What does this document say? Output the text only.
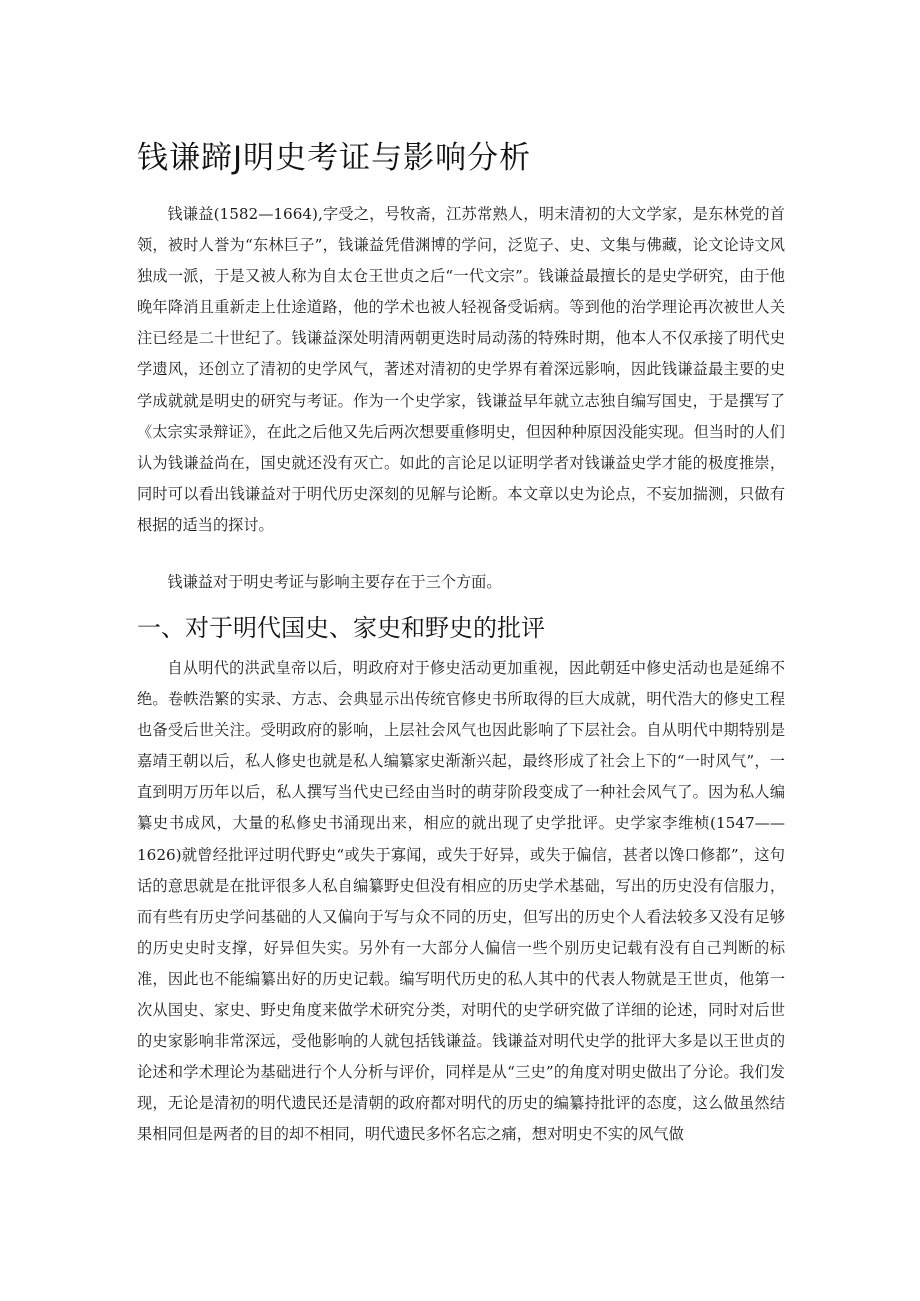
钱谦蹄J明史考证与影响分析

钱谦益(1582—1664),字受之，号牧斋，江苏常熟人，明末清初的大文学家，是东林党的首领，被时人誉为“东林巨子”，钱谦益凭借渊博的学问，泛览子、史、文集与佛藏，论文论诗文风独成一派，于是又被人称为自太仓王世贞之后“一代文宗”。钱谦益最擅长的是史学研究，由于他晚年降消且重新走上仕途道路，他的学术也被人轻视备受诟病。等到他的治学理论再次被世人关注已经是二十世纪了。钱谦益深处明清两朝更迭时局动荡的特殊时期，他本人不仅承接了明代史学遗风，还创立了清初的史学风气，著述对清初的史学界有着深远影响，因此钱谦益最主要的史学成就就是明史的研究与考证。作为一个史学家，钱谦益早年就立志独自编写国史，于是撰写了《太宗实录辩证》，在此之后他又先后两次想要重修明史，但因种种原因没能实现。但当时的人们认为钱谦益尚在，国史就还没有灭亡。如此的言论足以证明学者对钱谦益史学才能的极度推崇，同时可以看出钱谦益对于明代历史深刻的见解与论断。本文章以史为论点，不妄加揣测，只做有根据的适当的探讨。

钱谦益对于明史考证与影响主要存在于三个方面。

一、对于明代国史、家史和野史的批评

自从明代的洪武皇帝以后，明政府对于修史活动更加重视，因此朝廷中修史活动也是延绵不绝。卷帙浩繁的实录、方志、会典显示出传统官修史书所取得的巨大成就，明代浩大的修史工程也备受后世关注。受明政府的影响，上层社会风气也因此影响了下层社会。自从明代中期特别是嘉靖王朝以后，私人修史也就是私人编纂家史渐渐兴起，最终形成了社会上下的“一时风气”，一直到明万历年以后，私人撰写当代史已经由当时的萌芽阶段变成了一种社会风气了。因为私人编纂史书成风，大量的私修史书涌现出来，相应的就出现了史学批评。史学家李维桢(1547——1626)就曾经批评过明代野史“或失于寡闻，或失于好异，或失于偏信，甚者以馋口修都”，这句话的意思就是在批评很多人私自编纂野史但没有相应的历史学术基础，写出的历史没有信服力，而有些有历史学问基础的人又偏向于写与众不同的历史，但写出的历史个人看法较多又没有足够的历史史时支撑，好异但失实。另外有一大部分人偏信一些个别历史记载有没有自己判断的标准，因此也不能编纂出好的历史记载。编写明代历史的私人其中的代表人物就是王世贞，他第一次从国史、家史、野史角度来做学术研究分类，对明代的史学研究做了详细的论述，同时对后世的史家影响非常深远，受他影响的人就包括钱谦益。钱谦益对明代史学的批评大多是以王世贞的论述和学术理论为基础进行个人分析与评价，同样是从“三史”的角度对明史做出了分论。我们发现，无论是清初的明代遗民还是清朝的政府都对明代的历史的编纂持批评的态度，这么做虽然结果相同但是两者的目的却不相同，明代遗民多怀名忘之痛，想对明史不实的风气做
